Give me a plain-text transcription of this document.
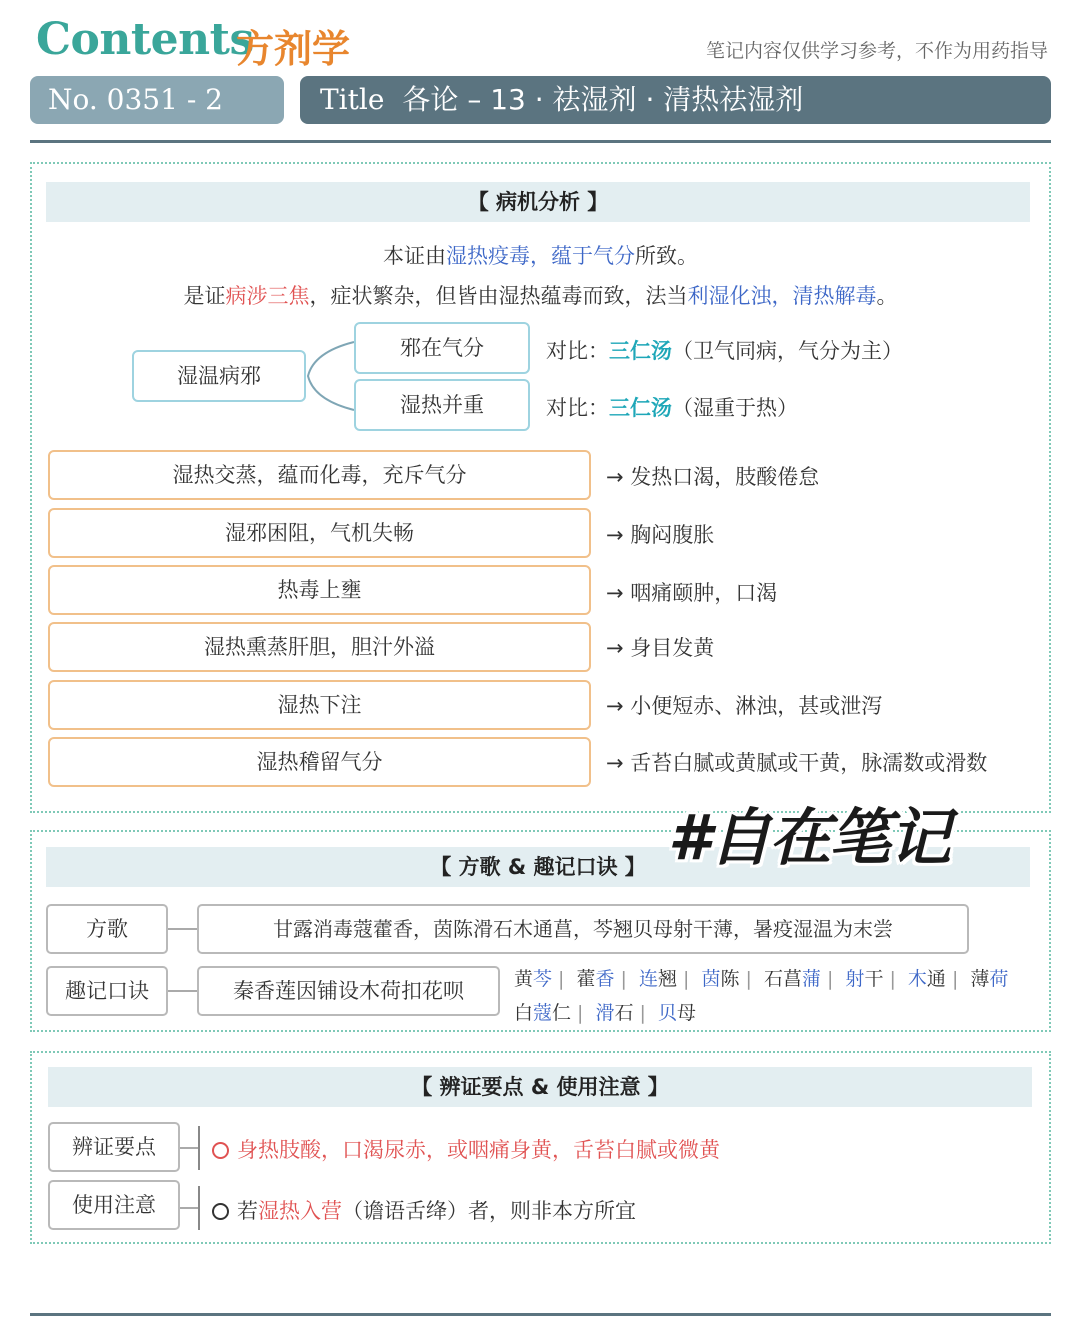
Contents
方剂学	笔记内容仅供学习参考，不作为用药指导
No. 0351 - 2	Title 各论 – 13 · 祛湿剂 · 清热祛湿剂
【 病机分析 】
本证由湿热疫毒，蕴于气分所致。
是证病涉三焦，症状繁杂，但皆由湿热蕴毒而致，法当利湿化浊，清热解毒。
湿温病邪
邪在气分
湿热并重
对比：三仁汤（卫气同病，气分为主）
对比：三仁汤（湿重于热）
湿热交蒸，蕴而化毒，充斥气分	→ 发热口渴，肢酸倦怠
湿邪困阻，气机失畅	→ 胸闷腹胀
热毒上壅	→ 咽痛颐肿，口渴
湿热熏蒸肝胆，胆汁外溢	→ 身目发黄
湿热下注	→ 小便短赤、淋浊，甚或泄泻
湿热稽留气分	→ 舌苔白腻或黄腻或干黄，脉濡数或滑数
【 方歌 & 趣记口诀 】
方歌	甘露消毒蔻藿香，茵陈滑石木通菖，芩翘贝母射干薄，暑疫湿温为末尝
趣记口诀	秦香莲因铺设木荷扣花呗	黄芩 | 藿香 | 连翘 | 茵陈 | 石菖蒲 | 射干 | 木通 | 薄荷
白蔻仁 | 滑石 | 贝母
#自在笔记
【 辨证要点 & 使用注意 】
辨证要点	身热肢酸，口渴尿赤，或咽痛身黄，舌苔白腻或微黄
使用注意	若湿热入营（谵语舌绛）者，则非本方所宜
